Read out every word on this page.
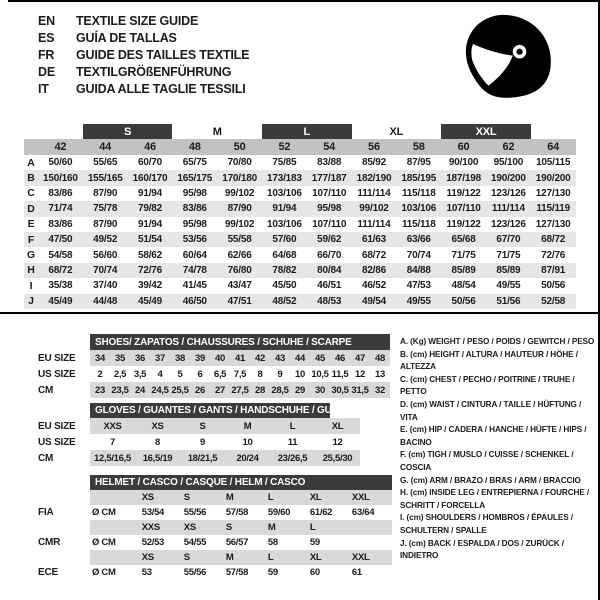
EN	TEXTILE SIZE GUIDE
ES	GUÍA DE TALLAS
FR	GUIDE DES TAILLES TEXTILE
DE	TEXTILGRÖßENFÜHRUNG
IT	GUIDA ALLE TAGLIE TESSILI
		S		M		L		XL		XXL		
	42	44	46	48	50	52	54	56	58	60	62	64
A	50/60	55/65	60/70	65/75	70/80	75/85	83/88	85/92	87/95	90/100	95/100	105/115
B	150/160	155/165	160/170	165/175	170/180	173/183	177/187	182/190	185/195	187/198	190/200	190/200
C	83/86	87/90	91/94	95/98	99/102	103/106	107/110	111/114	115/118	119/122	123/126	127/130
D	71/74	75/78	79/82	83/86	87/90	91/94	95/98	99/102	103/106	107/110	111/114	115/119
E	83/86	87/90	91/94	95/98	99/102	103/106	107/110	111/114	115/118	119/122	123/126	127/130
F	47/50	49/52	51/54	53/56	55/58	57/60	59/62	61/63	63/66	65/68	67/70	68/72
G	54/58	56/60	58/62	60/64	62/66	64/68	66/70	68/72	70/74	71/75	71/75	72/76
H	68/72	70/74	72/76	74/78	76/80	78/82	80/84	82/86	84/88	85/89	85/89	87/91
I	35/38	37/40	39/42	41/45	43/47	45/50	46/51	46/52	47/53	48/54	49/55	50/56
J	45/49	44/48	45/49	46/50	47/51	48/52	48/53	49/54	49/55	50/56	51/56	52/58
	SHOES/ ZAPATOS / CHAUSSURES / SCHUHE / SCARPE														
EU SIZE	34	35	36	37	38	39	40	41	42	43	44	45	46	47	48
US SIZE	2	2,5	3,5	4	5	6	6,5	7,5	8	9	10	10,5	11,5	12	13
CM	23	23,5	24	24,5	25,5	26	27	27,5	28	28,5	29	30	30,5	31,5	32

	GLOVES / GUANTES / GANTS / HANDSCHUHE / GUANTI					

EU SIZE	XXS	XS	S	M	L	XL
US SIZE	7	8	9	10	11	12
CM	12,5/16,5	16,5/19	18/21,5	20/24	23/26,5	25,5/30

	HELMET / CASCO / CASQUE / HELM / CASCO						

		XS	S	M	L	XL	XXL
FIA	Ø CM	53/54	55/56	57/58	59/60	61/62	63/64
		XXS	XS	S	M	L	
CMR	Ø CM	52/53	54/55	56/57	58	59	
		XS	S	M	L	XL	XXL
ECE	Ø CM	53	55/56	57/58	59	60	61
A. (Kg) WEIGHT / PESO / POIDS / GEWITCH / PESO
B. (cm) HEIGHT / ALTURA / HAUTEUR / HÖHE / ALTEZZA
C. (cm) CHEST / PECHO / POITRINE / TRUHE / PETTO
D. (cm) WAIST / CINTURA / TAILLE / HÜFTUNG / VITA
E. (cm) HIP / CADERA / HANCHE / HÜFTE / HIPS / BACINO
F. (cm) TIGH / MUSLO / CUISSE / SCHENKEL / COSCIA
G. (cm) ARM / BRAZO / BRAS / ARM / BRACCIO
H. (cm) INSIDE LEG / ENTREPIERNA / FOURCHE / SCHRITT / FORCELLA
I. (cm) SHOULDERS / HOMBROS / ÉPAULES / SCHULTERN / SPALLE
J. (cm) BACK / ESPALDA / DOS / ZURÜCK / INDIETRO
